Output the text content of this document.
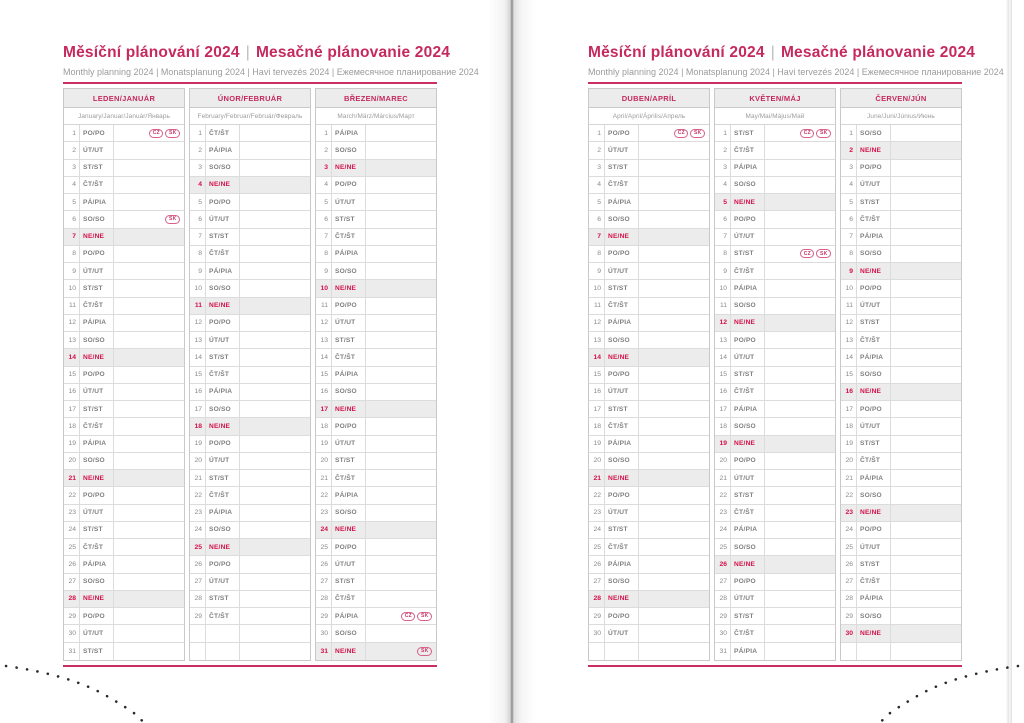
Měsíční plánování 2024 | Mesačné plánovanie 2024
Monthly planning 2024 | Monatsplanung 2024 | Havi tervezés 2024 | Ежемесячное планирование 2024
LEDEN/JANUÁR
January/Januar/Január/Январь
1	PO/PO	CZ	SK
2	ÚT/UT
3	ST/ST
4	ČT/ŠT
5	PÁ/PIA
6	SO/SO	SK
7	NE/NE
8	PO/PO
9	ÚT/UT
10	ST/ST
11	ČT/ŠT
12	PÁ/PIA
13	SO/SO
14	NE/NE
15	PO/PO
16	ÚT/UT
17	ST/ST
18	ČT/ŠT
19	PÁ/PIA
20	SO/SO
21	NE/NE
22	PO/PO
23	ÚT/UT
24	ST/ST
25	ČT/ŠT
26	PÁ/PIA
27	SO/SO
28	NE/NE
29	PO/PO
30	ÚT/UT
31	ST/ST
ÚNOR/FEBRUÁR
February/Februar/Február/Февраль
1	ČT/ŠT
2	PÁ/PIA
3	SO/SO
4	NE/NE
5	PO/PO
6	ÚT/UT
7	ST/ST
8	ČT/ŠT
9	PÁ/PIA
10	SO/SO
11	NE/NE
12	PO/PO
13	ÚT/UT
14	ST/ST
15	ČT/ŠT
16	PÁ/PIA
17	SO/SO
18	NE/NE
19	PO/PO
20	ÚT/UT
21	ST/ST
22	ČT/ŠT
23	PÁ/PIA
24	SO/SO
25	NE/NE
26	PO/PO
27	ÚT/UT
28	ST/ST
29	ČT/ŠT
BŘEZEN/MAREC
March/März/Március/Март
1	PÁ/PIA
2	SO/SO
3	NE/NE
4	PO/PO
5	ÚT/UT
6	ST/ST
7	ČT/ŠT
8	PÁ/PIA
9	SO/SO
10	NE/NE
11	PO/PO
12	ÚT/UT
13	ST/ST
14	ČT/ŠT
15	PÁ/PIA
16	SO/SO
17	NE/NE
18	PO/PO
19	ÚT/UT
20	ST/ST
21	ČT/ŠT
22	PÁ/PIA
23	SO/SO
24	NE/NE
25	PO/PO
26	ÚT/UT
27	ST/ST
28	ČT/ŠT
29	PÁ/PIA	CZ	SK
30	SO/SO
31	NE/NE	SK
Měsíční plánování 2024 | Mesačné plánovanie 2024
Monthly planning 2024 | Monatsplanung 2024 | Havi tervezés 2024 | Ежемесячное планирование 2024
DUBEN/APRÍL
April/April/Április/Апрель
1	PO/PO	CZ	SK
2	ÚT/UT
3	ST/ST
4	ČT/ŠT
5	PÁ/PIA
6	SO/SO
7	NE/NE
8	PO/PO
9	ÚT/UT
10	ST/ST
11	ČT/ŠT
12	PÁ/PIA
13	SO/SO
14	NE/NE
15	PO/PO
16	ÚT/UT
17	ST/ST
18	ČT/ŠT
19	PÁ/PIA
20	SO/SO
21	NE/NE
22	PO/PO
23	ÚT/UT
24	ST/ST
25	ČT/ŠT
26	PÁ/PIA
27	SO/SO
28	NE/NE
29	PO/PO
30	ÚT/UT
KVĚTEN/MÁJ
May/Mai/Május/Май
1	ST/ST	CZ	SK
2	ČT/ŠT
3	PÁ/PIA
4	SO/SO
5	NE/NE
6	PO/PO
7	ÚT/UT
8	ST/ST	CZ	SK
9	ČT/ŠT
10	PÁ/PIA
11	SO/SO
12	NE/NE
13	PO/PO
14	ÚT/UT
15	ST/ST
16	ČT/ŠT
17	PÁ/PIA
18	SO/SO
19	NE/NE
20	PO/PO
21	ÚT/UT
22	ST/ST
23	ČT/ŠT
24	PÁ/PIA
25	SO/SO
26	NE/NE
27	PO/PO
28	ÚT/UT
29	ST/ST
30	ČT/ŠT
31	PÁ/PIA
ČERVEN/JÚN
June/Juni/Június/Июнь
1	SO/SO
2	NE/NE
3	PO/PO
4	ÚT/UT
5	ST/ST
6	ČT/ŠT
7	PÁ/PIA
8	SO/SO
9	NE/NE
10	PO/PO
11	ÚT/UT
12	ST/ST
13	ČT/ŠT
14	PÁ/PIA
15	SO/SO
16	NE/NE
17	PO/PO
18	ÚT/UT
19	ST/ST
20	ČT/ŠT
21	PÁ/PIA
22	SO/SO
23	NE/NE
24	PO/PO
25	ÚT/UT
26	ST/ST
27	ČT/ŠT
28	PÁ/PIA
29	SO/SO
30	NE/NE
